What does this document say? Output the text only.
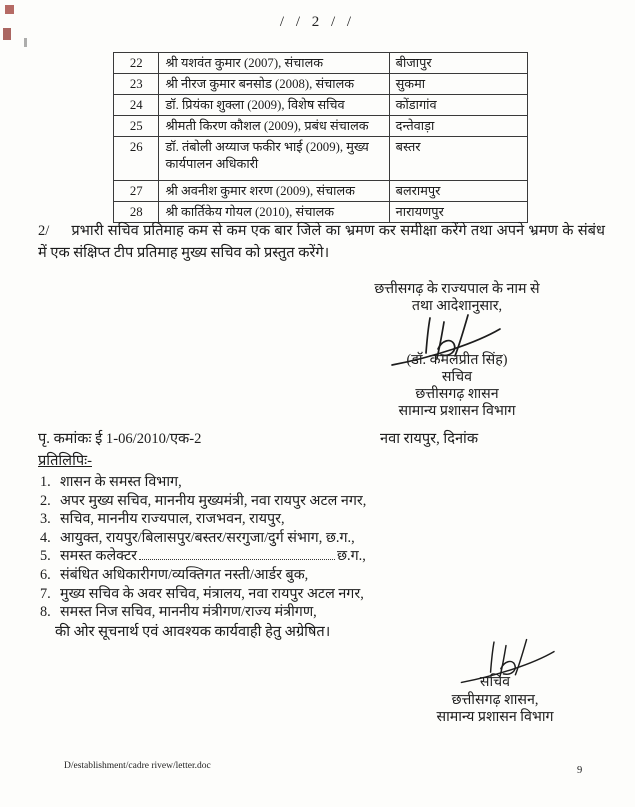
/ / 2 / /
22	श्री यशवंत कुमार (2007), संचालक	बीजापुर
23	श्री नीरज कुमार बनसोड (2008), संचालक	सुकमा
24	डॉ. प्रियंका शुक्ला (2009), विशेष सचिव	कोंडागांव
25	श्रीमती किरण कौशल (2009), प्रबंध संचालक	दन्तेवाड़ा
26	डॉ. तंबोली अय्याज फकीर भाई (2009), मुख्य कार्यपालन अधिकारी	बस्तर
27	श्री अवनीश कुमार शरण (2009), संचालक	बलरामपुर
28	श्री कार्तिकेय गोयल (2010), संचालक	नारायणपुर
2/ प्रभारी सचिव प्रतिमाह कम से कम एक बार जिले का भ्रमण कर समीक्षा करेंगे तथा अपने भ्रमण के संबंध में एक संक्षिप्त टीप प्रतिमाह मुख्य सचिव को प्रस्तुत करेंगे।
छत्तीसगढ़ के राज्यपाल के नाम से
तथा आदेशानुसार,
(डॉ. कमलप्रीत सिंह)
सचिव
छत्तीसगढ़ शासन
सामान्य प्रशासन विभाग
पृ. कमांकः ई 1-06/2010/एक-2	नवा रायपुर, दिनांक
प्रतिलिपिः-
1. शासन के समस्त विभाग,
2. अपर मुख्य सचिव, माननीय मुख्यमंत्री, नवा रायपुर अटल नगर,
3. सचिव, माननीय राज्यपाल, राजभवन, रायपुर,
4. आयुक्त, रायपुर/बिलासपुर/बस्तर/सरगुजा/दुर्ग संभाग, छ.ग.,
5. समस्त कलेक्टर	छ.ग.,
6. संबंधित अधिकारीगण/व्यक्तिगत नस्ती/आर्डर बुक,
7. मुख्य सचिव के अवर सचिव, मंत्रालय, नवा रायपुर अटल नगर,
8. समस्त निज सचिव, माननीय मंत्रीगण/राज्य मंत्रीगण,
की ओर सूचनार्थ एवं आवश्यक कार्यवाही हेतु अग्रेषित।
सचिव
छत्तीसगढ़ शासन,
सामान्य प्रशासन विभाग
D/establishment/cadre rivew/letter.doc	9
